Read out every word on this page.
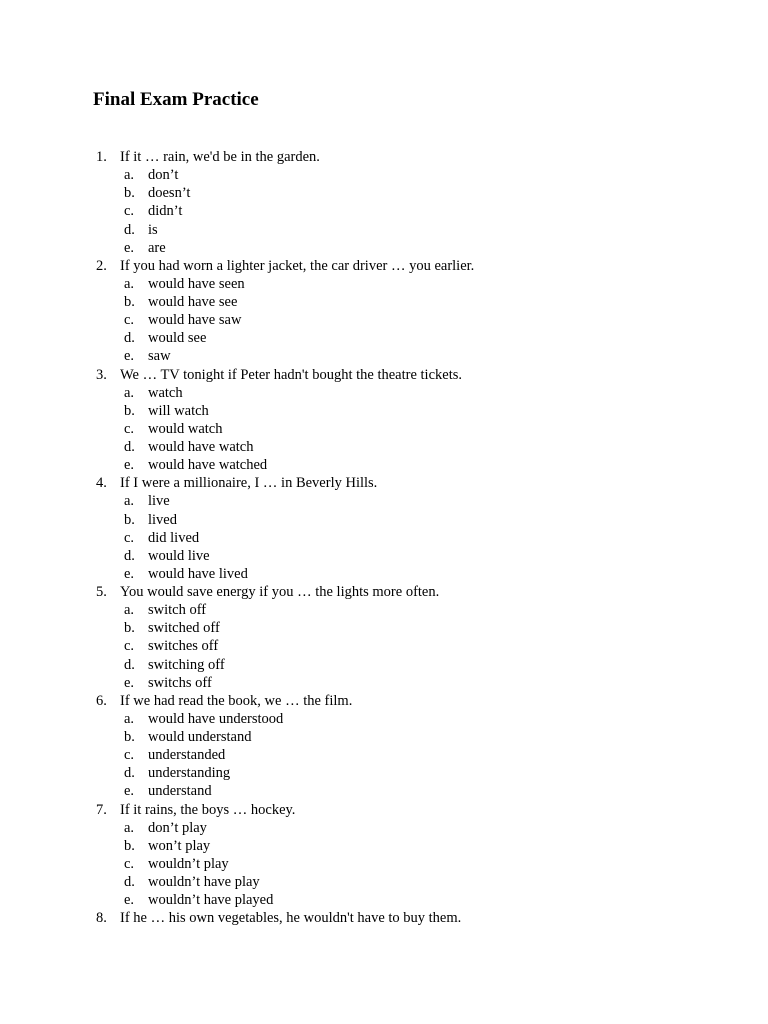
Final Exam Practice
1. If it … rain, we'd be in the garden.
a. don’t
b. doesn’t
c. didn’t
d. is
e. are
2. If you had worn a lighter jacket, the car driver … you earlier.
a. would have seen
b. would have see
c. would have saw
d. would see
e. saw
3. We … TV tonight if Peter hadn't bought the theatre tickets.
a. watch
b. will watch
c. would watch
d. would have watch
e. would have watched
4. If I were a millionaire, I … in Beverly Hills.
a. live
b. lived
c. did lived
d. would live
e. would have lived
5. You would save energy if you … the lights more often.
a. switch off
b. switched off
c. switches off
d. switching off
e. switchs off
6. If we had read the book, we … the film.
a. would have understood
b. would understand
c. understanded
d. understanding
e. understand
7. If it rains, the boys … hockey.
a. don’t play
b. won’t play
c. wouldn’t play
d. wouldn’t have play
e. wouldn’t have played
8. If he … his own vegetables, he wouldn't have to buy them.
